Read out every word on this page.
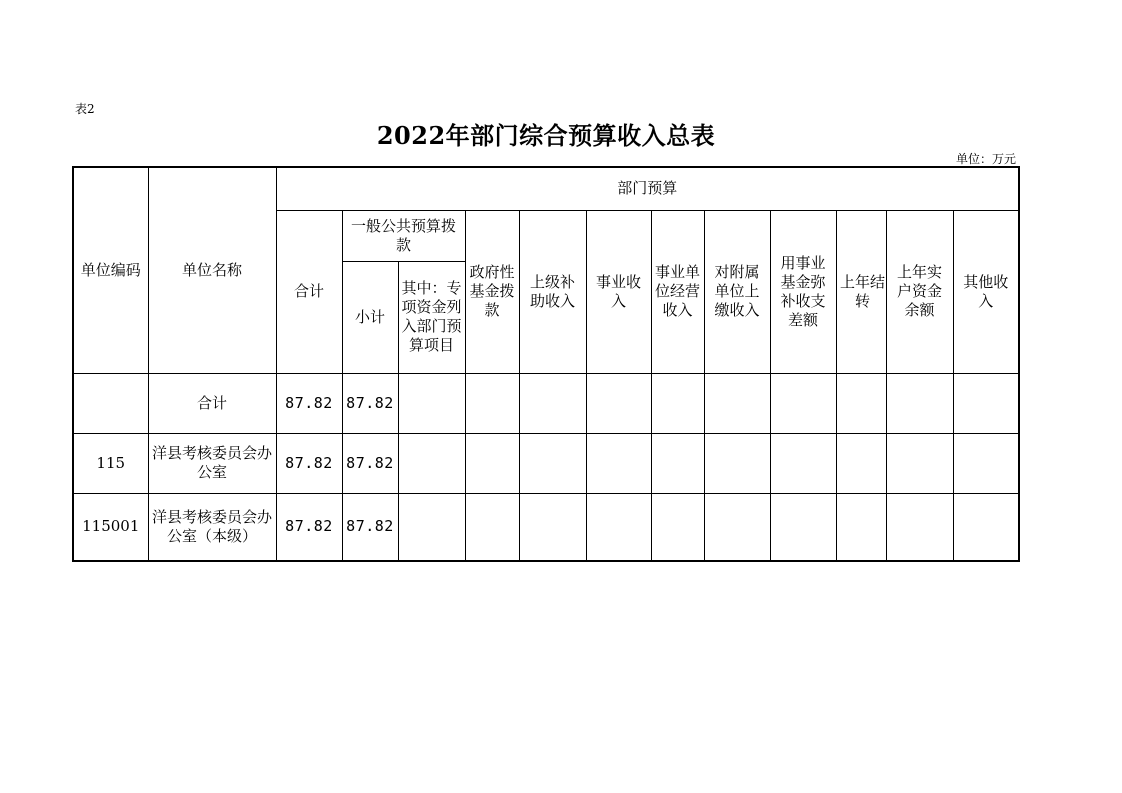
表2
2022年部门综合预算收入总表
单位：万元
单位编码	单位名称	部门预算											
		合计	一般公共预算拨款		政府性基金拨款	上级补助收入	事业收入	事业单位经营收入	对附属单位上缴收入	用事业基金弥补收支差额	上年结转	上年实户资金余额	其他收入
			小计	其中：专项资金列入部门预算项目									
	合计	87.82	87.82										
115	洋县考核委员会办公室	87.82	87.82										
115001	洋县考核委员会办公室（本级）	87.82	87.82										
